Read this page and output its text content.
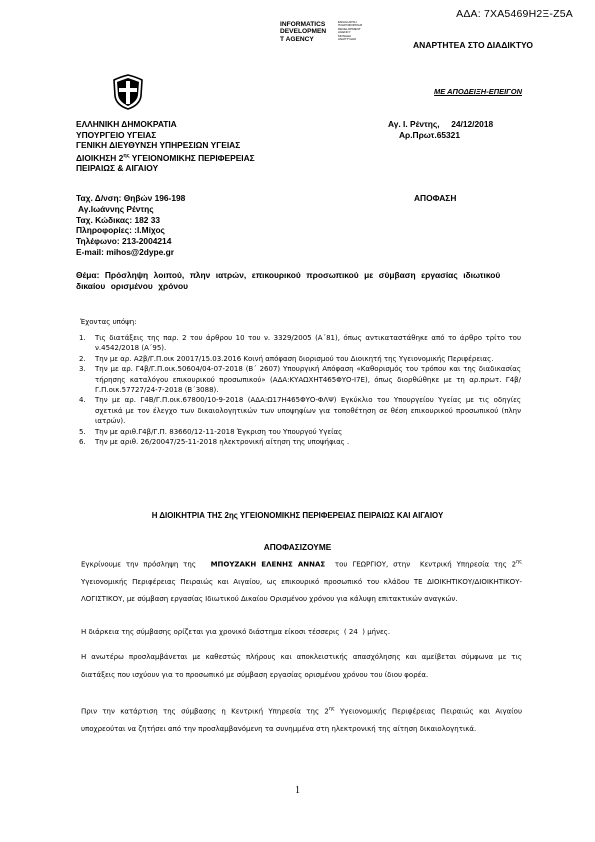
ΑΔΑ: 7ΧΑ5469Η2Ξ-Ζ5Α
INFORMATICS
DEVELOPMEN
T AGENCY
ΕΝΙΑΙΑ ΑΡΧΗ ΠΛΗΡΟΦΟΡΙΚΗΣ
DEVELOPMENT AGENCY
ΜΟΝΑΔΑ ΑΝΑΠΤΥΞΗΣ
ΑΝΑΡΤΗΤΕΑ ΣΤΟ ΔΙΑΔΙΚΤΥΟ
ΜΕ ΑΠΟΔΕΙΞΗ-ΕΠΕΙΓΟΝ
ΕΛΛΗΝΙΚΗ ΔΗΜΟΚΡΑΤΙΑ
ΥΠΟΥΡΓΕΙΟ ΥΓΕΙΑΣ
ΓΕΝΙΚΗ ΔΙΕΥΘΥΝΣΗ ΥΠΗΡΕΣΙΩΝ ΥΓΕΙΑΣ
ΔΙΟΙΚΗΣΗ $2^{\eta\varsigma}$ ΥΓΕΙΟΝΟΜΙΚΗΣ ΠΕΡΙΦΕΡΕΙΑΣ
ΠΕΙΡΑΙΩΣ & ΑΙΓΑΙΟΥ
Αγ. Ι. Ρέντης,     24/12/2018
Αρ.Πρωτ.65321
Ταχ. Δ/νση: Θηβών 196-198
Αγ.Ιωάννης Ρέντης
Ταχ. Κώδικας: 182 33
Πληροφορίες: :Ι.Μίχος
Τηλέφωνο: 213-2004214
E-mail: mihos@2dype.gr
ΑΠΟΦΑΣΗ
Θέμα: Πρόσληψη λοιπού, πλην ιατρών, επικουρικού προσωπικού με σύμβαση εργασίας ιδιωτικού δικαίου ορισμένου χρόνου
Έχοντας υπόψη:
1. Τις διατάξεις της παρ. 2 του άρθρου 10 του ν. 3329/2005 (Α΄81), όπως αντικαταστάθηκε από το άρθρο τρίτο του ν.4542/2018 (Α΄95).
2. Την με αρ. Α2β/Γ.Π.οικ 20017/15.03.2016 Κοινή απόφαση διορισμού του Διοικητή της Υγειονομικής Περιφέρειας.
3. Την με αρ. Γ4β/Γ.Π.οικ.50604/04-07-2018 (Β΄ 2607) Υπουργική Απόφαση «Καθορισμός του τρόπου και της διαδικασίας τήρησης καταλόγου επικουρικού προσωπικού» (ΑΔΑ:ΚΥΑΩΧΗΤ465ΦΥΟ-Ι7Ε), όπως διορθώθηκε με τη αρ.πρωτ. Γ4β/Γ.Π.οικ.57727/24-7-2018 (Β΄3088).
4. Την με αρ. Γ4Β/Γ.Π.οικ.67800/10-9-2018 (ΑΔΑ:Ω17Η465ΦΥΟ-ΦΛΨ) Εγκύκλιο του Υπουργείου Υγείας με τις οδηγίες σχετικά με τον έλεγχο των δικαιολογητικών των υποψηφίων για τοποθέτηση σε θέση επικουρικού προσωπικού (πλην ιατρών).
5. Την με αριθ.Γ4β/Γ.Π. 83660/12-11-2018 Έγκριση του Υπουργού Υγείας
6. Την με αριθ. 26/20047/25-11-2018 ηλεκτρονική αίτηση της υποψήφιας .
Η ΔΙΟΙΚΗΤΡΙΑ ΤΗΣ 2ης ΥΓΕΙΟΝΟΜΙΚΗΣ ΠΕΡΙΦΕΡΕΙΑΣ ΠΕΙΡΑΙΩΣ ΚΑΙ ΑΙΓΑΙΟΥ
ΑΠΟΦΑΣΙΖΟΥΜΕ
Εγκρίνουμε την πρόσληψη της   ΜΠΟΥΖΑΚΗ ΕΛΕΝΗΣ ΑΝΝΑΣ  του ΓΕΩΡΓΙΟΥ, στην  Κεντρική Υπηρεσία της $2^{\eta\varsigma}$ Υγειονομικής Περιφέρειας Πειραιώς και Αιγαίου, ως επικουρικό προσωπικό του κλάδου ΤΕ ΔΙΟΙΚΗΤΙΚΟΥ/ΔΙΟΙΚΗΤΙΚΟΥ-ΛΟΓΙΣΤΙΚΟΥ, με σύμβαση εργασίας Ιδιωτικού Δικαίου Ορισμένου χρόνου για κάλυψη επιτακτικών αναγκών.
Η διάρκεια της σύμβασης ορίζεται για χρονικό διάστημα είκοσι τέσσερις  ( 24  ) μήνες.
Η ανωτέρω προσλαμβάνεται με καθεστώς πλήρους και αποκλειστικής απασχόλησης και αμείβεται σύμφωνα με τις διατάξεις που ισχύουν για το προσωπικό με σύμβαση εργασίας ορισμένου χρόνου του ίδιου φορέα.
Πριν την κατάρτιση της σύμβασης η Κεντρική Υπηρεσία της $2^{\eta\varsigma}$ Υγειονομικής Περιφέρειας Πειραιώς και Αιγαίου  υποχρεούται να ζητήσει από την προσλαμβανόμενη τα συνημμένα στη ηλεκτρονική της αίτηση δικαιολογητικά.
1
